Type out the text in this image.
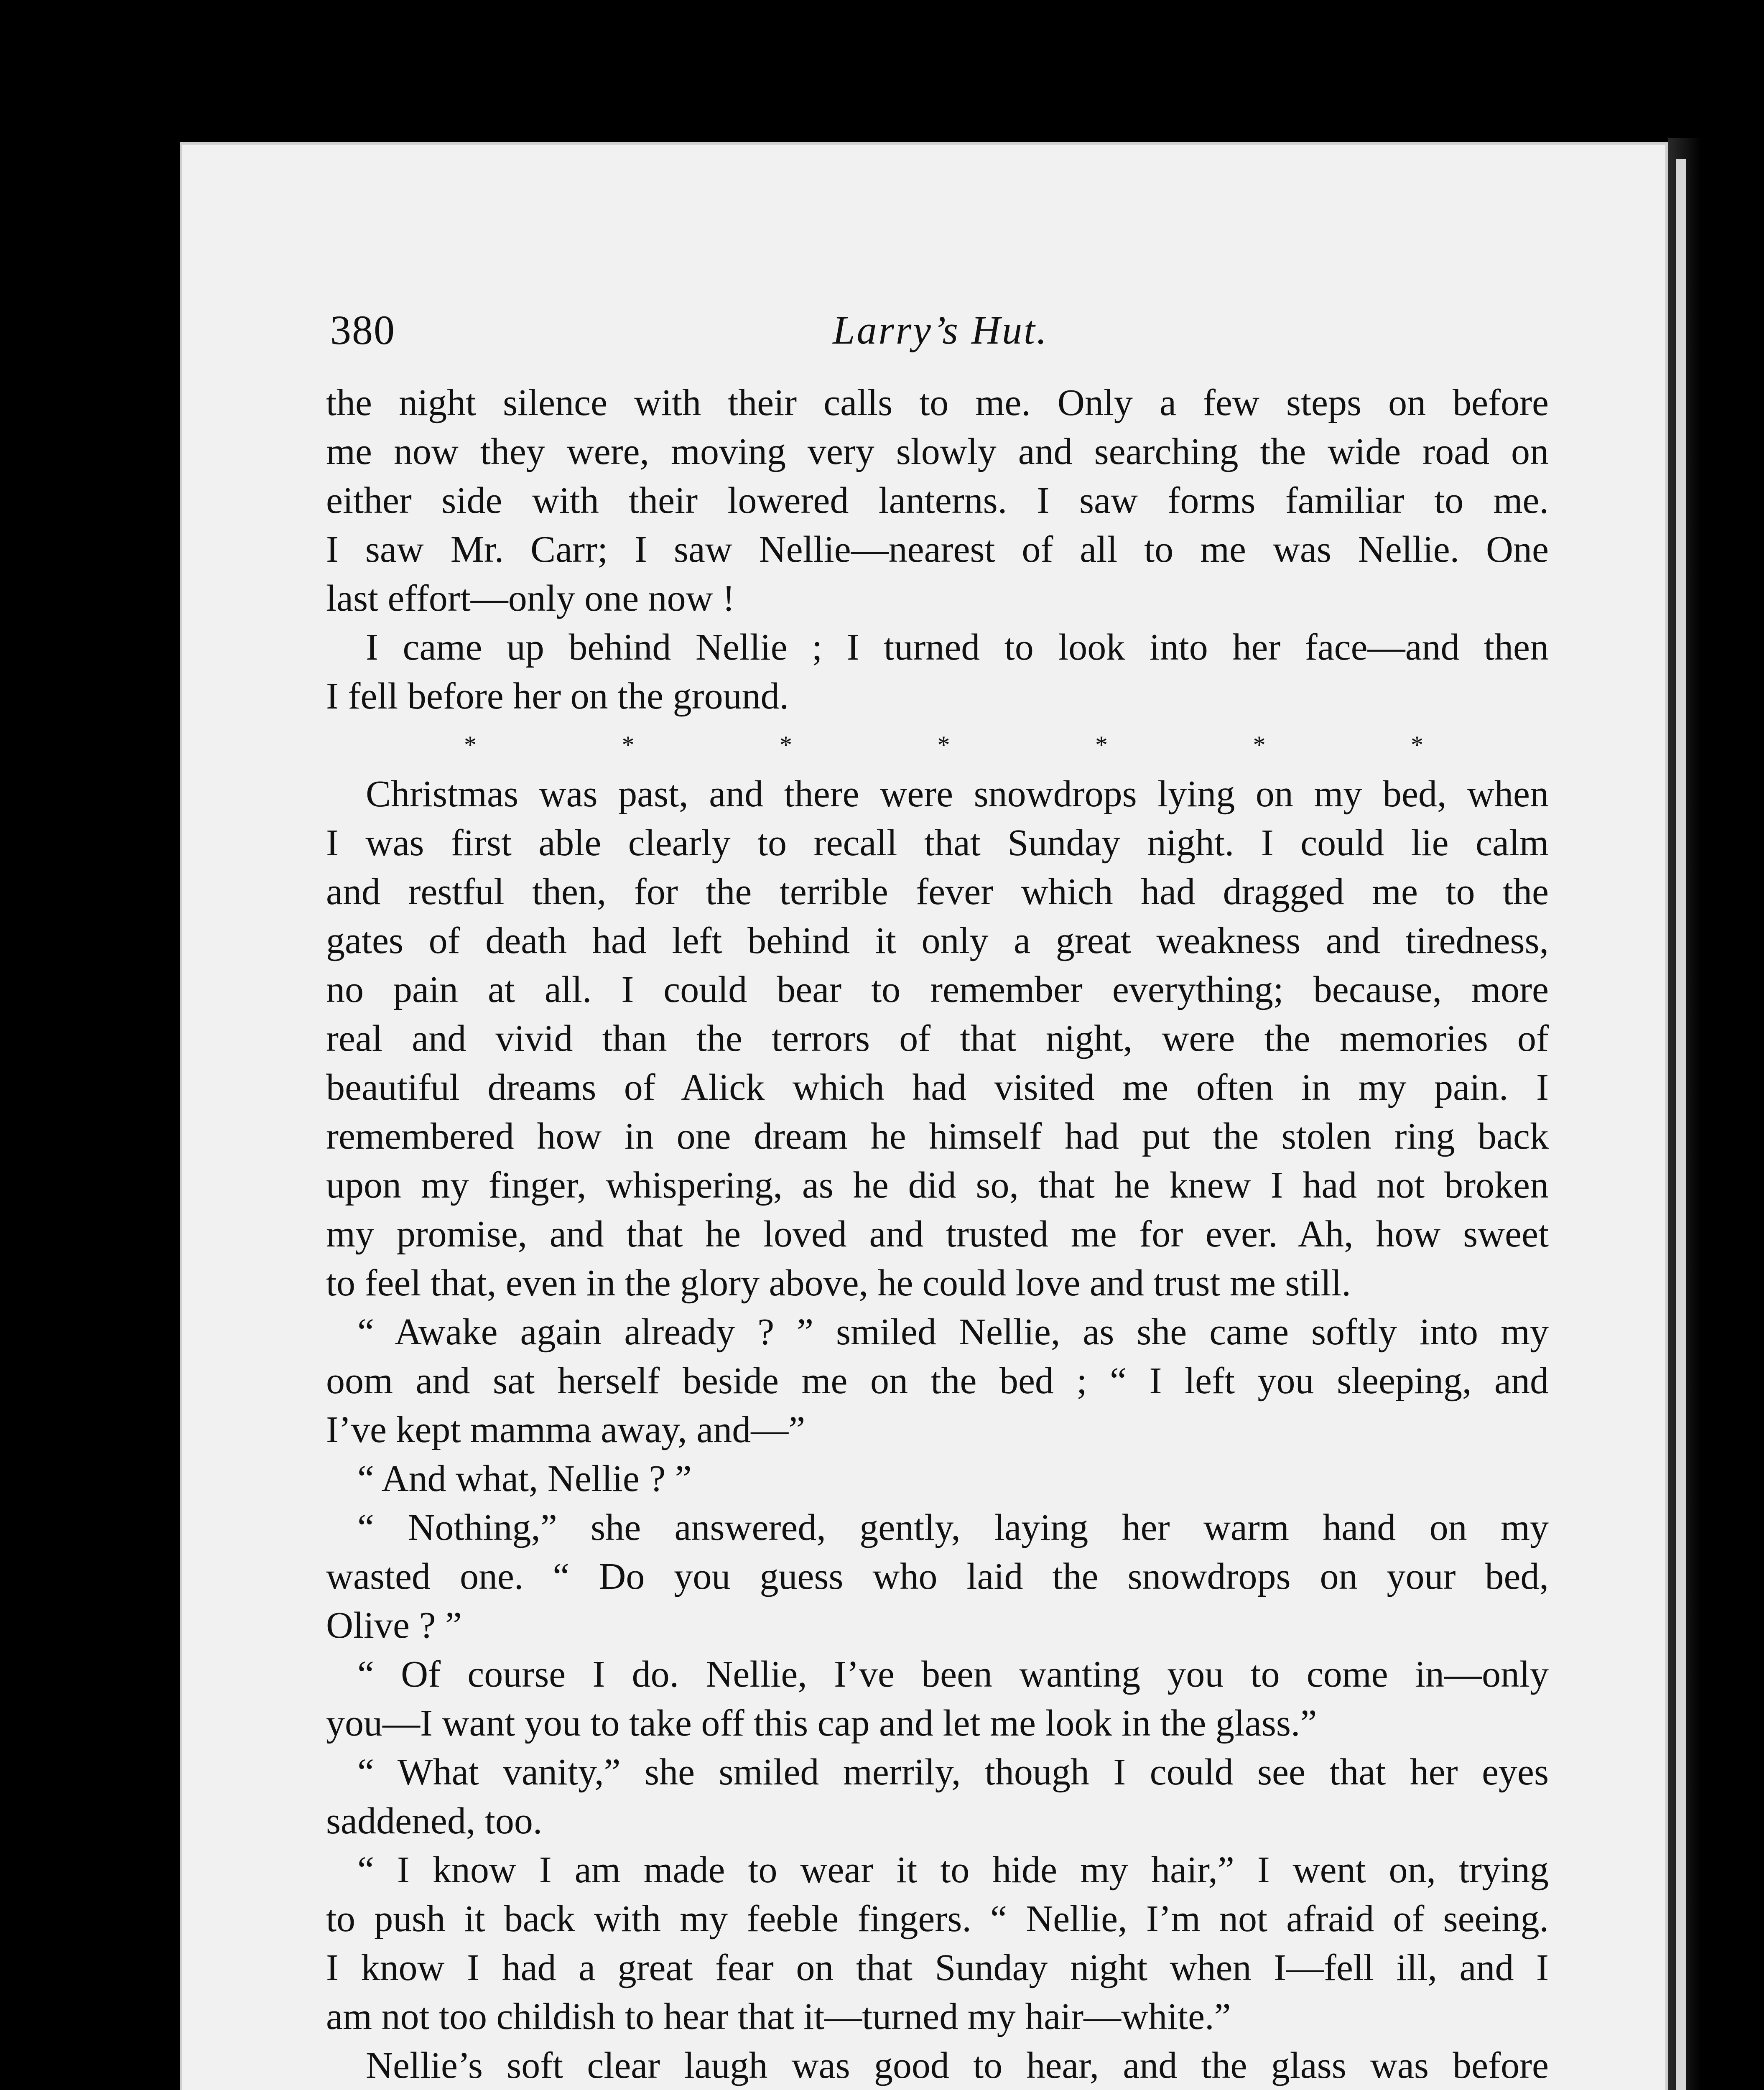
380	Larry’s Hut.
the night silence with their calls to me. Only a few steps on before
me now they were, moving very slowly and searching the wide road on
either side with their lowered lanterns. I saw forms familiar to me.
I saw Mr. Carr; I saw Nellie—nearest of all to me was Nellie. One
last effort—only one now !
I came up behind Nellie ; I turned to look into her face—and then
I fell before her on the ground.
*	*	*	*	*	*	*
Christmas was past, and there were snowdrops lying on my bed, when
I was first able clearly to recall that Sunday night. I could lie calm
and restful then, for the terrible fever which had dragged me to the
gates of death had left behind it only a great weakness and tiredness,
no pain at all. I could bear to remember everything; because, more
real and vivid than the terrors of that night, were the memories of
beautiful dreams of Alick which had visited me often in my pain. I
remembered how in one dream he himself had put the stolen ring back
upon my finger, whispering, as he did so, that he knew I had not broken
my promise, and that he loved and trusted me for ever. Ah, how sweet
to feel that, even in the glory above, he could love and trust me still.
“ Awake again already ? ” smiled Nellie, as she came softly into my
oom and sat herself beside me on the bed ; “ I left you sleeping, and
I’ve kept mamma away, and—”
“ And what, Nellie ? ”
“ Nothing,” she answered, gently, laying her warm hand on my
wasted one. “ Do you guess who laid the snowdrops on your bed,
Olive ? ”
“ Of course I do. Nellie, I’ve been wanting you to come in—only
you—I want you to take off this cap and let me look in the glass.”
“ What vanity,” she smiled merrily, though I could see that her eyes
saddened, too.
“ I know I am made to wear it to hide my hair,” I went on, trying
to push it back with my feeble fingers. “ Nellie, I’m not afraid of seeing.
I know I had a great fear on that Sunday night when I—fell ill, and I
am not too childish to hear that it—turned my hair—white.”
Nellie’s soft clear laugh was good to hear, and the glass was before
